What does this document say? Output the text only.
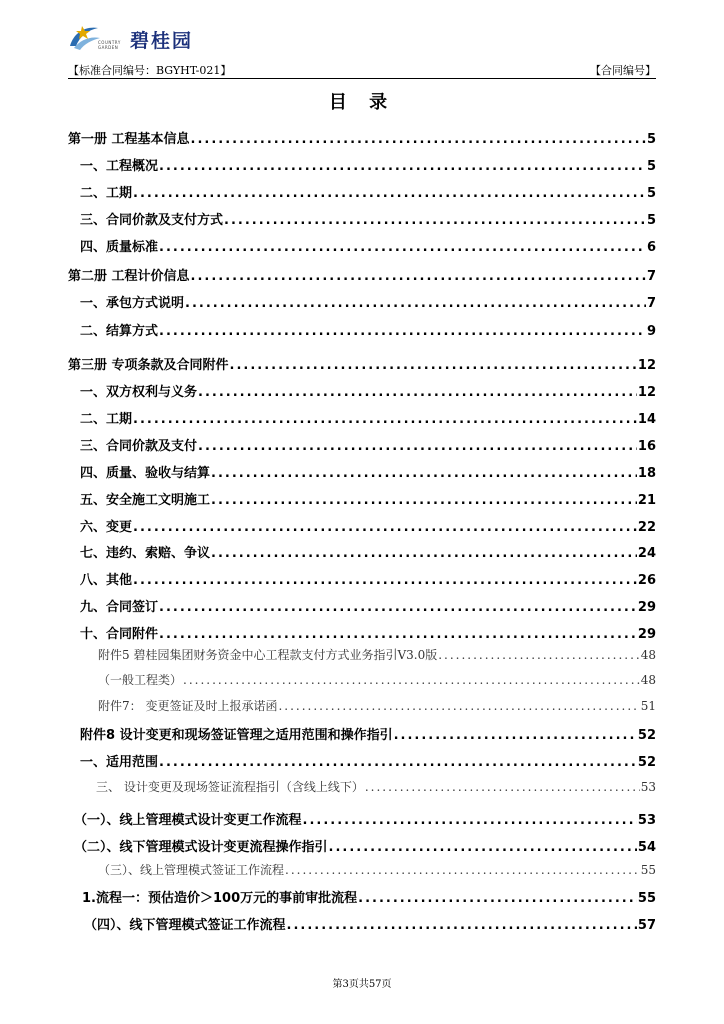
COUNTRY
GARDEN 碧桂园
【标准合同编号：BGYHT-021】	【合同编号】
目 录
第一册 工程基本信息 .....	5
一、工程概况 .....	5
二、工期 .....	5
三、合同价款及支付方式 .....	5
四、质量标准 .....	6
第二册 工程计价信息 .....	7
一、承包方式说明 .....	7
二、结算方式 .....	9
第三册 专项条款及合同附件 .....	12
一、双方权利与义务 .....	12
二、工期 .....	14
三、合同价款及支付 .....	16
四、质量、验收与结算 .....	18
五、安全施工文明施工 .....	21
六、变更 .....	22
七、违约、索赔、争议 .....	24
八、其他 .....	26
九、合同签订 .....	29
十、合同附件 .....	29
附件5 碧桂园集团财务资金中心工程款支付方式业务指引V3.0版 .....	48
（一般工程类） .....	48
附件7： 变更签证及时上报承诺函 .....	51
附件8 设计变更和现场签证管理之适用范围和操作指引 .....	52
一、适用范围 .....	52
三、 设计变更及现场签证流程指引（含线上线下） .....	53
（一）、线上管理模式设计变更工作流程 .....	53
（二）、线下管理模式设计变更流程操作指引 .....	54
（三）、线上管理模式签证工作流程 .....	55
1.流程一：预估造价＞100万元的事前审批流程 .....	55
（四）、线下管理模式签证工作流程 .....	57
第3页共57页
